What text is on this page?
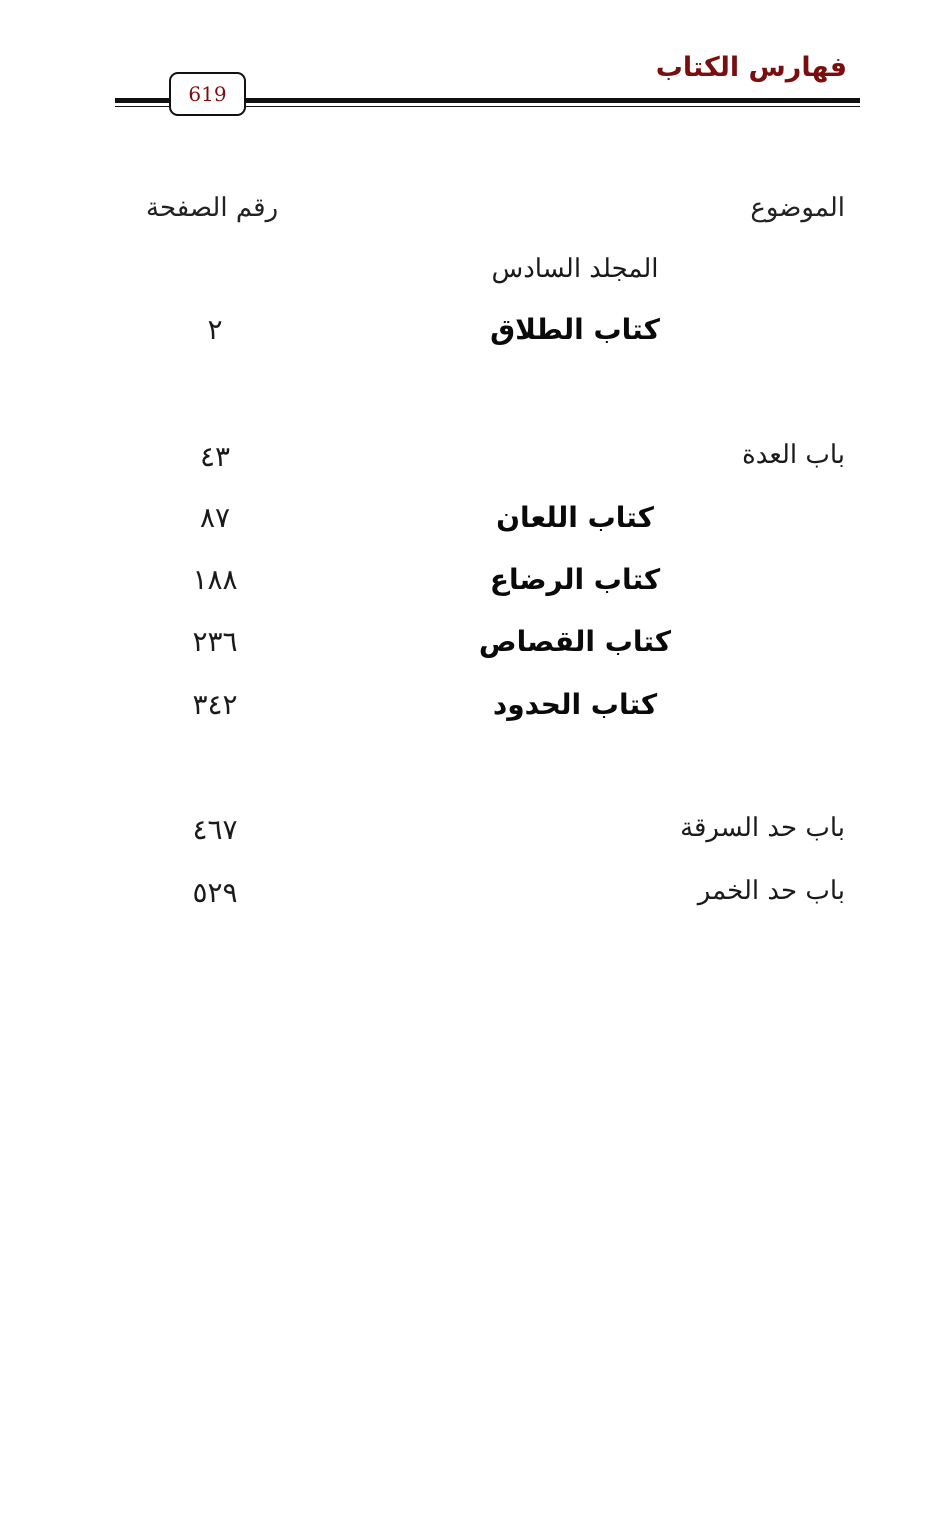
فهارس الكتاب
619
الموضوع
رقم الصفحة
المجلد السادس
كتاب الطلاق
٢
باب العدة
٤٣
كتاب اللعان
٨٧
كتاب الرضاع
١٨٨
كتاب القصاص
٢٣٦
كتاب الحدود
٣٤٢
باب حد السرقة
٤٦٧
باب حد الخمر
٥٢٩
